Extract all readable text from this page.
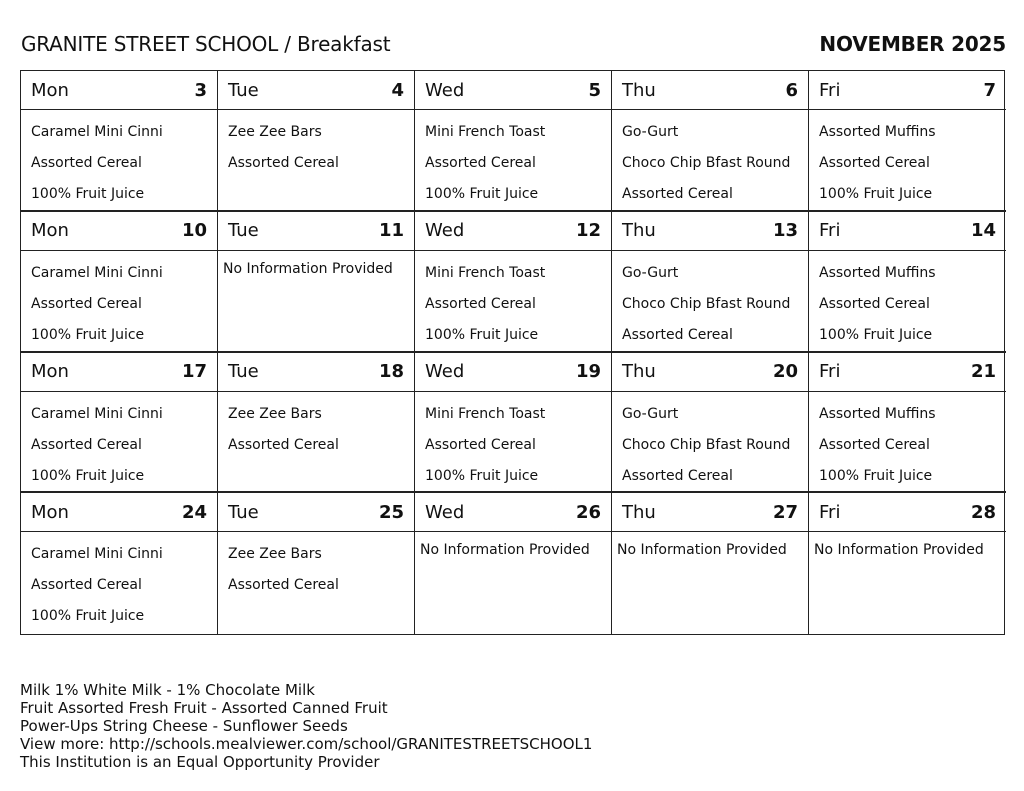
GRANITE STREET SCHOOL / Breakfast	NOVEMBER 2025
Mon	3
Caramel Mini Cinni
Assorted Cereal
100% Fruit Juice
Tue	4
Zee Zee Bars
Assorted Cereal
Wed	5
Mini French Toast
Assorted Cereal
100% Fruit Juice
Thu	6
Go-Gurt
Choco Chip Bfast Round
Assorted Cereal
Fri	7
Assorted Muffins
Assorted Cereal
100% Fruit Juice
Mon	10
Caramel Mini Cinni
Assorted Cereal
100% Fruit Juice
Tue	11
No Information Provided
Wed	12
Mini French Toast
Assorted Cereal
100% Fruit Juice
Thu	13
Go-Gurt
Choco Chip Bfast Round
Assorted Cereal
Fri	14
Assorted Muffins
Assorted Cereal
100% Fruit Juice
Mon	17
Caramel Mini Cinni
Assorted Cereal
100% Fruit Juice
Tue	18
Zee Zee Bars
Assorted Cereal
Wed	19
Mini French Toast
Assorted Cereal
100% Fruit Juice
Thu	20
Go-Gurt
Choco Chip Bfast Round
Assorted Cereal
Fri	21
Assorted Muffins
Assorted Cereal
100% Fruit Juice
Mon	24
Caramel Mini Cinni
Assorted Cereal
100% Fruit Juice
Tue	25
Zee Zee Bars
Assorted Cereal
Wed	26
No Information Provided
Thu	27
No Information Provided
Fri	28
No Information Provided
Milk 1% White Milk - 1% Chocolate Milk
Fruit Assorted Fresh Fruit - Assorted Canned Fruit
Power-Ups String Cheese - Sunflower Seeds
View more: http://schools.mealviewer.com/school/GRANITESTREETSCHOOL1
This Institution is an Equal Opportunity Provider
